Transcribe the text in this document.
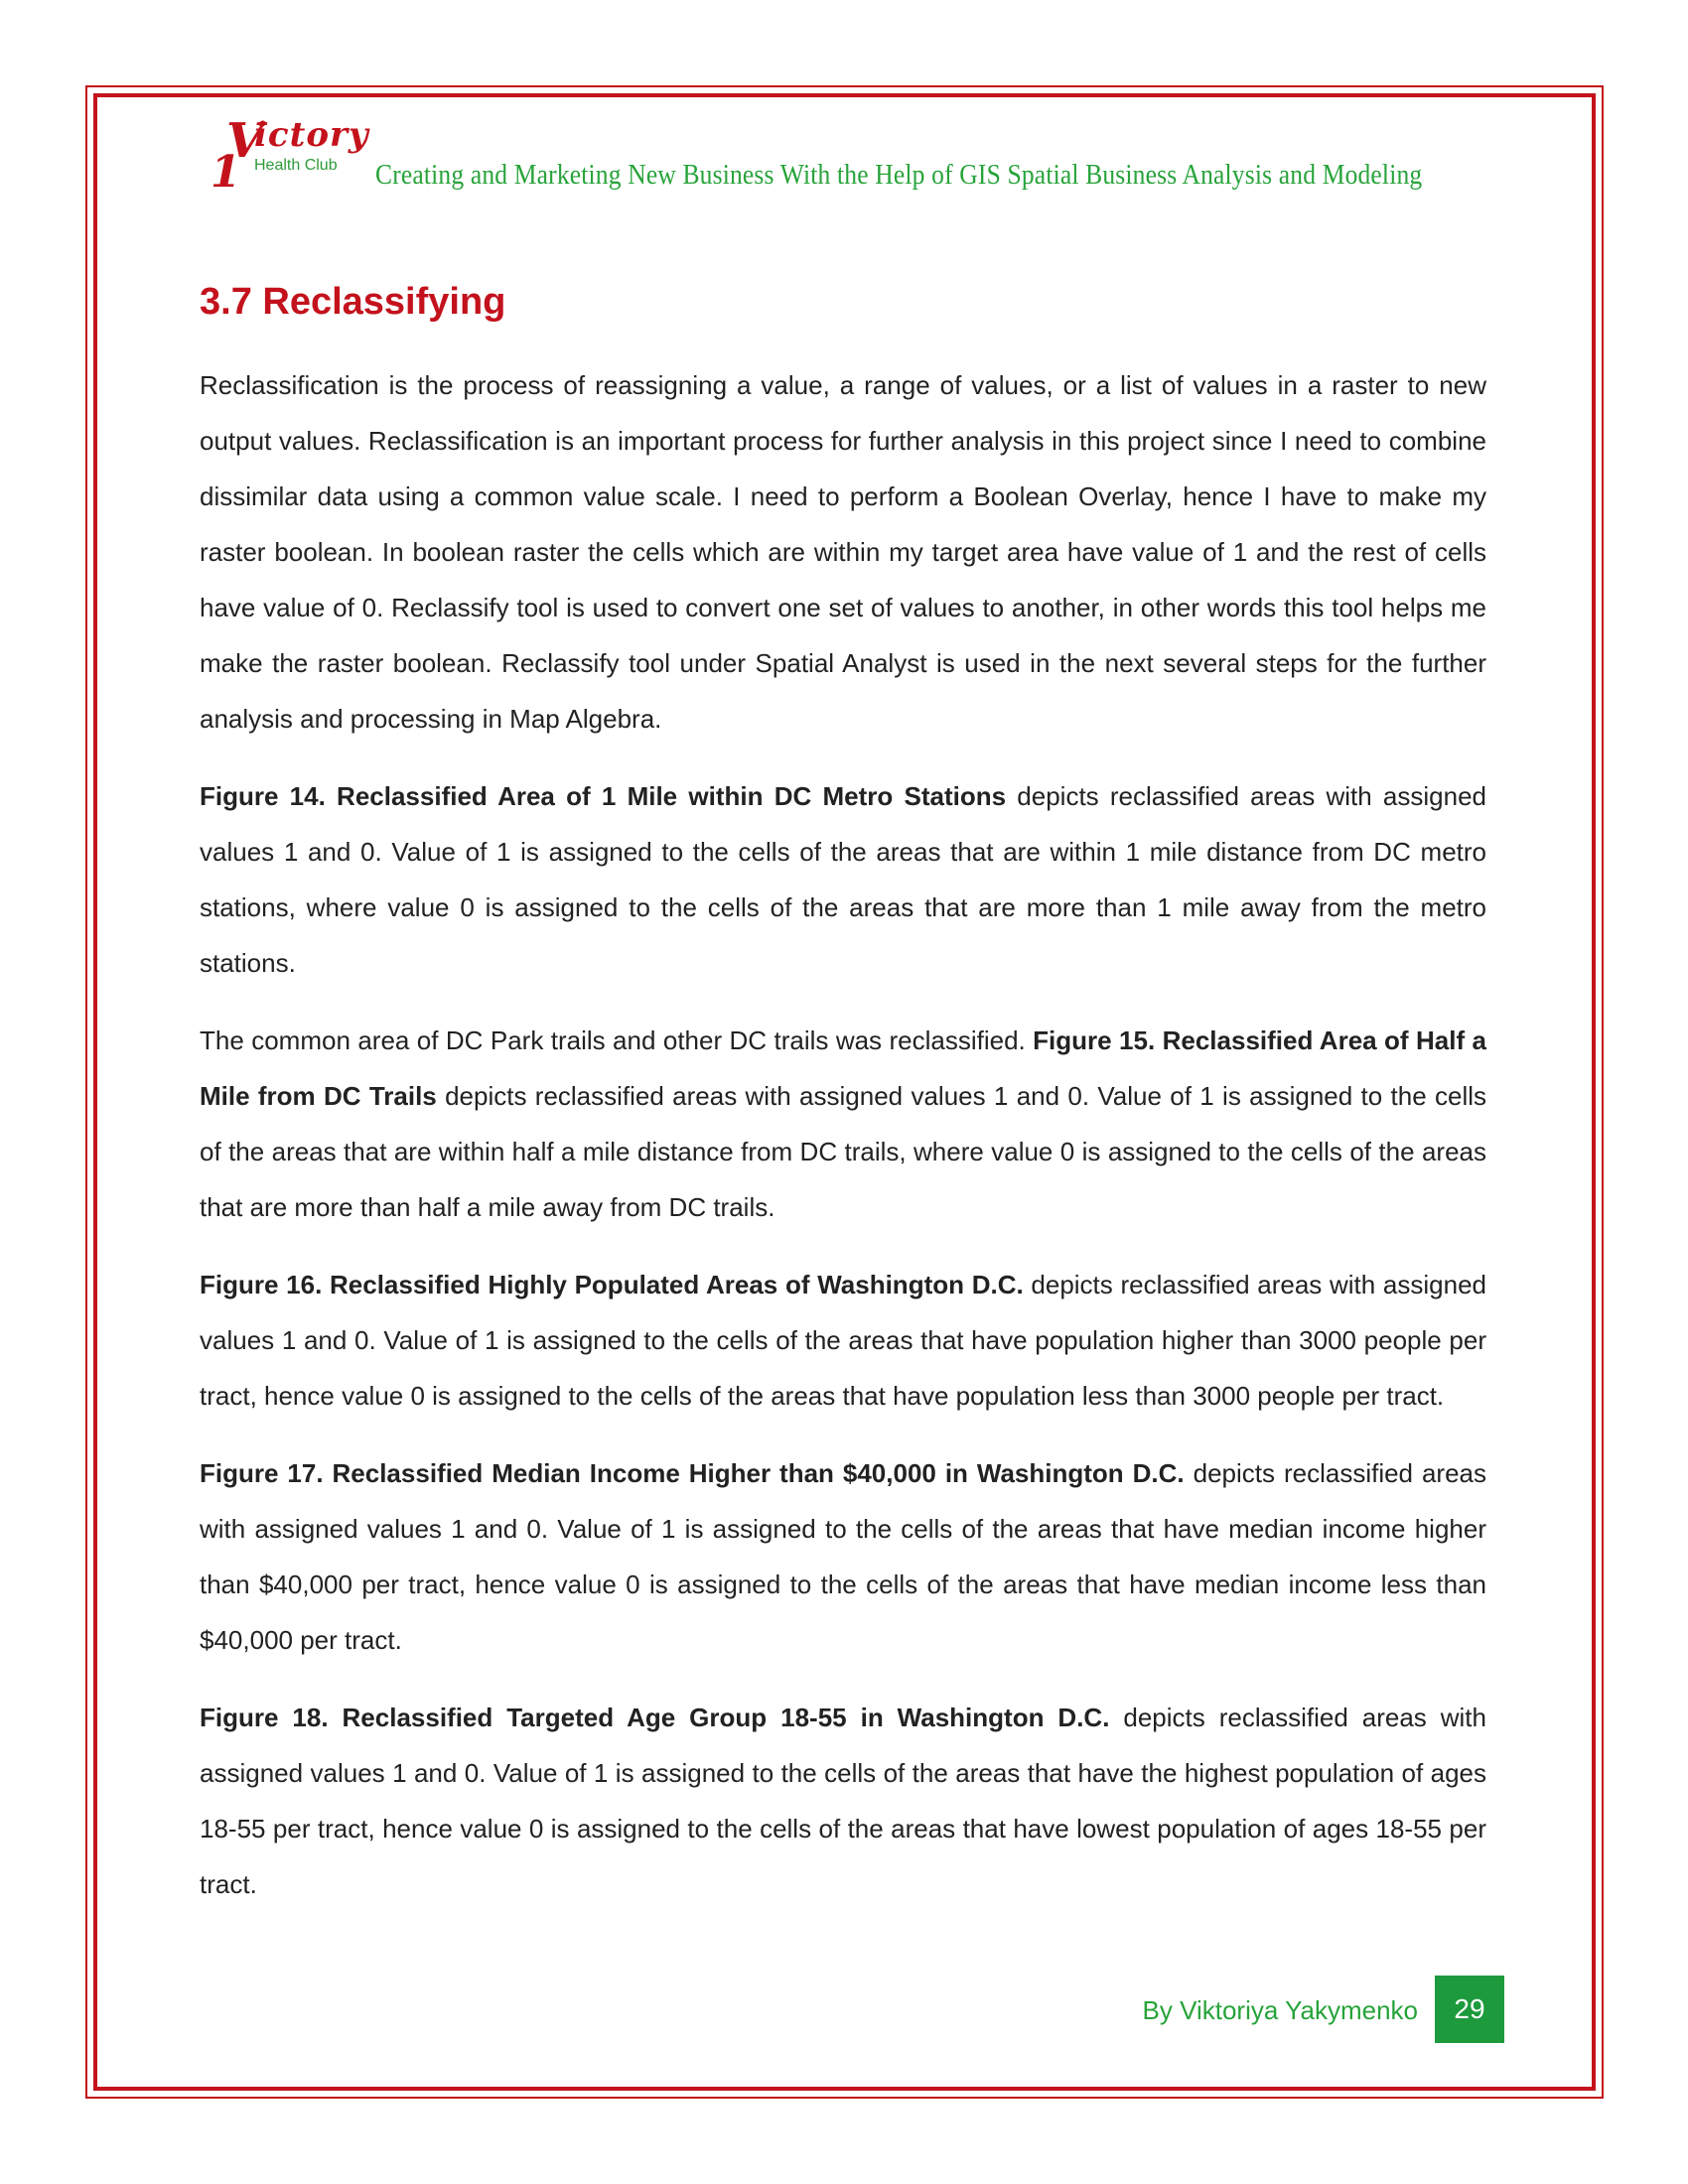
1
V
ictory
Health Club Creating and Marketing New Business With the Help of GIS Spatial Business Analysis and Modeling
3.7 Reclassifying

Reclassification is the process of reassigning a value, a range of values, or a list of values in a raster to new output values. Reclassification is an important process for further analysis in this project since I need to combine dissimilar data using a common value scale. I need to perform a Boolean Overlay, hence I have to make my raster boolean. In boolean raster the cells which are within my target area have value of 1 and the rest of cells have value of 0. Reclassify tool is used to convert one set of values to another, in other words this tool helps me make the raster boolean. Reclassify tool under Spatial Analyst is used in the next several steps for the further analysis and processing in Map Algebra.

Figure 14. Reclassified Area of 1 Mile within DC Metro Stations depicts reclassified areas with assigned values 1 and 0. Value of 1 is assigned to the cells of the areas that are within 1 mile distance from DC metro stations, where value 0 is assigned to the cells of the areas that are more than 1 mile away from the metro stations.

The common area of DC Park trails and other DC trails was reclassified. Figure 15. Reclassified Area of Half a Mile from DC Trails depicts reclassified areas with assigned values 1 and 0. Value of 1 is assigned to the cells of the areas that are within half a mile distance from DC trails, where value 0 is assigned to the cells of the areas that are more than half a mile away from DC trails.

Figure 16. Reclassified Highly Populated Areas of Washington D.C. depicts reclassified areas with assigned values 1 and 0. Value of 1 is assigned to the cells of the areas that have population higher than 3000 people per tract, hence value 0 is assigned to the cells of the areas that have population less than 3000 people per tract.

Figure 17. Reclassified Median Income Higher than $40,000 in Washington D.C. depicts reclassified areas with assigned values 1 and 0. Value of 1 is assigned to the cells of the areas that have median income higher than $40,000 per tract, hence value 0 is assigned to the cells of the areas that have median income less than $40,000 per tract.

Figure 18. Reclassified Targeted Age Group 18-55 in Washington D.C. depicts reclassified areas with assigned values 1 and 0. Value of 1 is assigned to the cells of the areas that have the highest population of ages 18-55 per tract, hence value 0 is assigned to the cells of the areas that have lowest population of ages 18-55 per tract.

By Viktoriya Yakymenko 29
